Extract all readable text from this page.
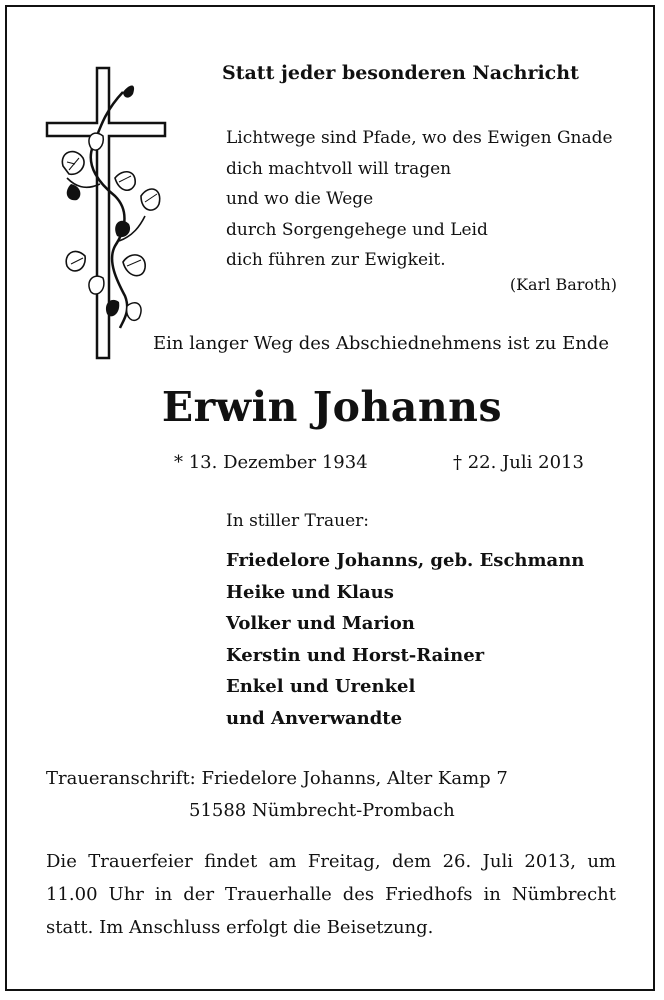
Statt jeder besonderen Nachricht
Lichtwege sind Pfade, wo des Ewigen Gnade
dich machtvoll will tragen
und wo die Wege
durch Sorgengehege und Leid
dich führen zur Ewigkeit.
(Karl Baroth)
Ein langer Weg des Abschiednehmens ist zu Ende
Erwin Johanns
* 13. Dezember 1934	† 22. Juli 2013
In stiller Trauer:
Friedelore Johanns, geb. Eschmann
Heike und Klaus
Volker und Marion
Kerstin und Horst-Rainer
Enkel und Urenkel
und Anverwandte
Traueranschrift: Friedelore Johanns, Alter Kamp 7
51588 Nümbrecht-Prombach
Die Trauerfeier findet am Freitag, dem 26. Juli 2013, um 11.00 Uhr in der Trauerhalle des Friedhofs in Nümbrecht statt. Im Anschluss erfolgt die Beisetzung.
